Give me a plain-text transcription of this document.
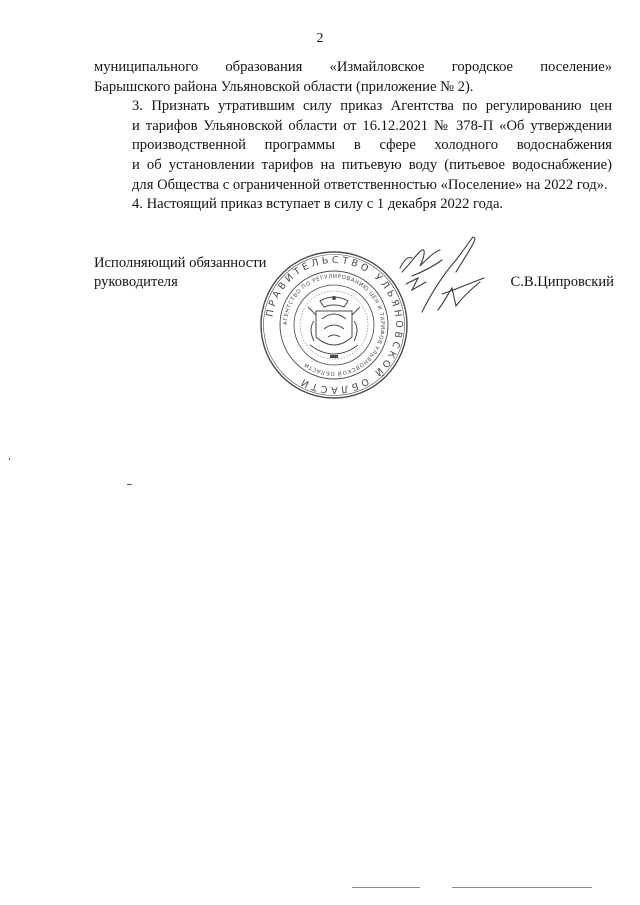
2

муниципального образования «Измайловское городское поселение»
Барышского района Ульяновской области (приложение № 2).

3. Признать утратившим силу приказ Агентства по регулированию цен
и тарифов Ульяновской области от 16.12.2021 № 378-П «Об утверждении
производственной программы в сфере холодного водоснабжения
и об установлении тарифов на питьевую воду (питьевое водоснабжение)
для Общества с ограниченной ответственностью «Поселение» на 2022 год».

4. Настоящий приказ вступает в силу с 1 декабря 2022 года.

Исполняющий обязанности
руководителя	С.В.Ципровский
ПРАВИТЕЛЬСТВО УЛЬЯНОВСКОЙ ОБЛАСТИ
АГЕНТСТВО ПО РЕГУЛИРОВАНИЮ ЦЕН И ТАРИФОВ УЛЬЯНОВСКОЙ ОБЛАСТИ
